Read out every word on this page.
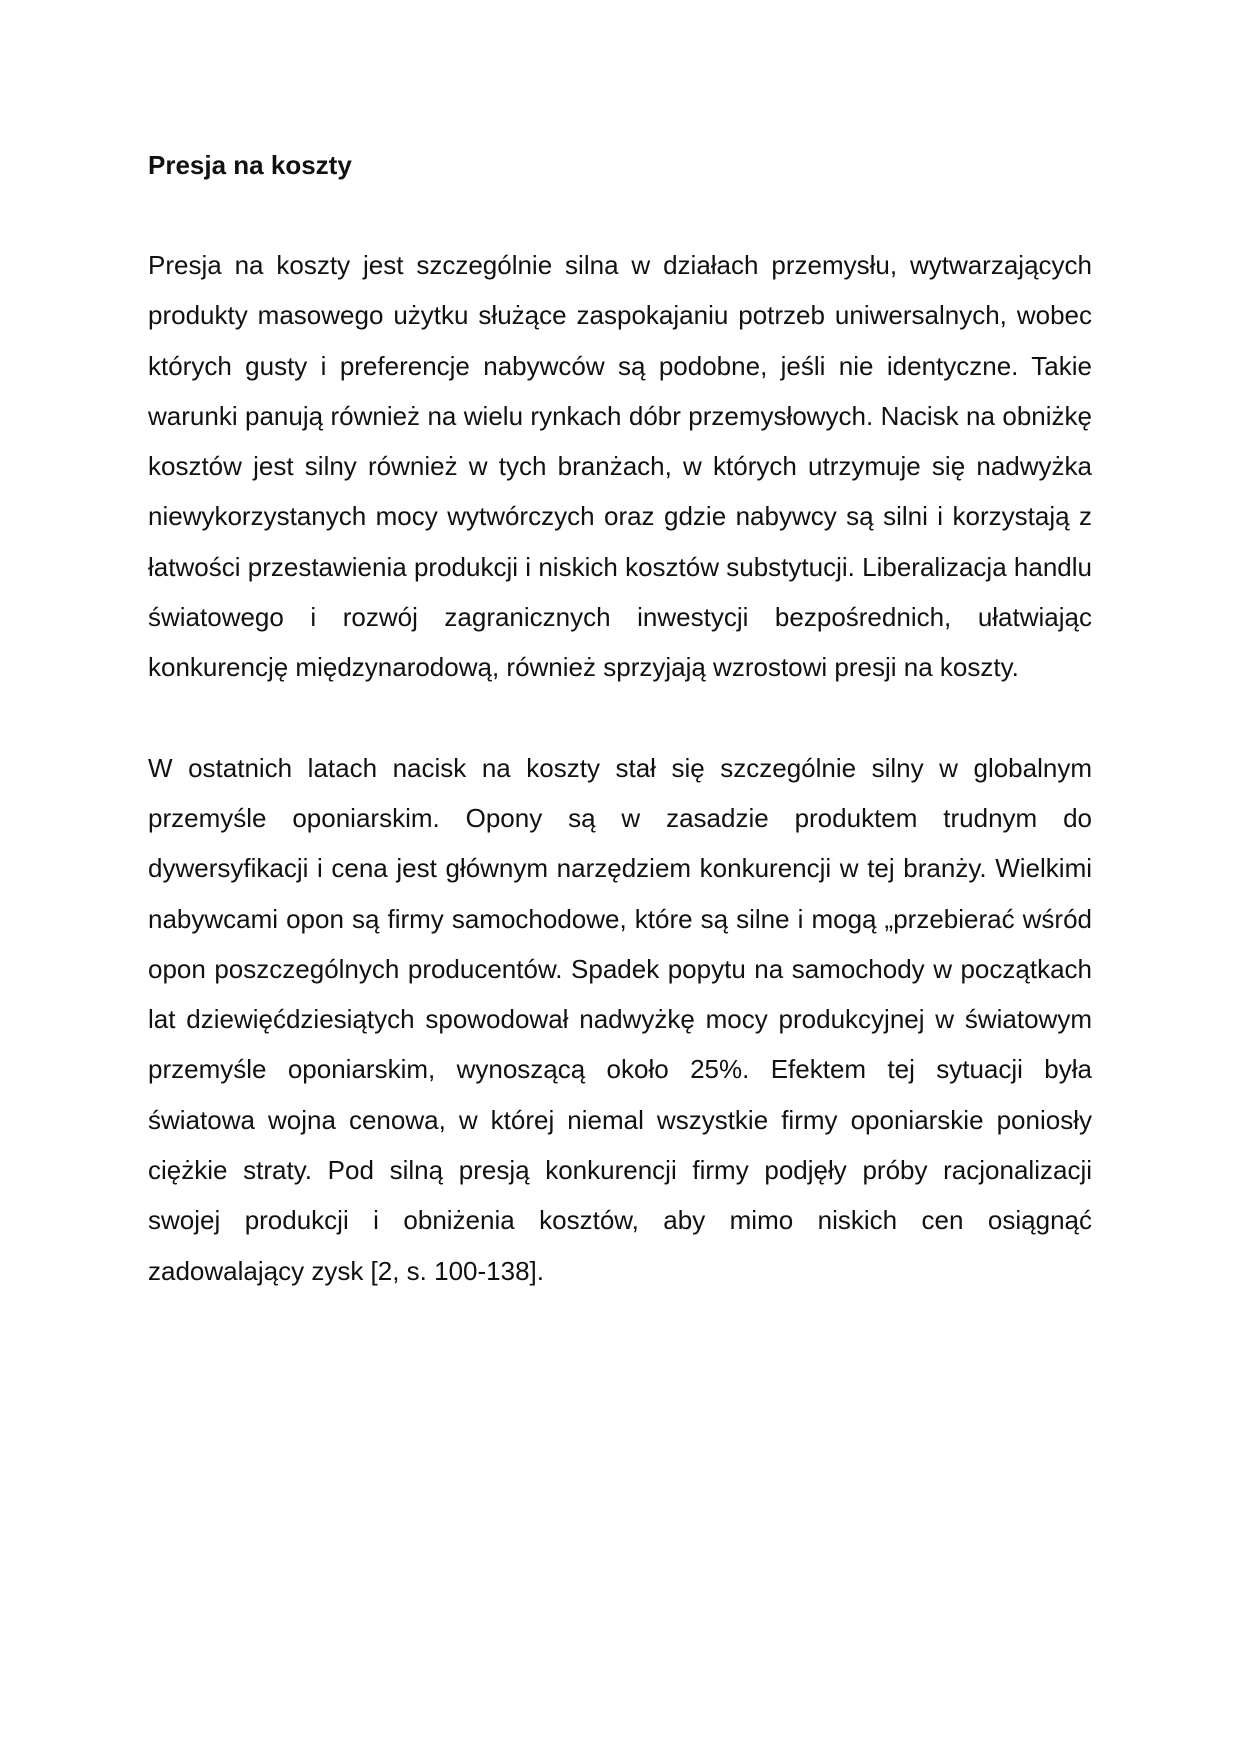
Presja na koszty

Presja na koszty jest szczególnie silna w działach przemysłu, wytwarzających produkty masowego użytku służące zaspokajaniu potrzeb uniwersalnych, wobec których gusty i preferencje nabywców są podobne, jeśli nie identyczne. Takie warunki panują również na wielu rynkach dóbr przemysłowych. Nacisk na obniżkę kosztów jest silny również w tych branżach, w których utrzymuje się nadwyżka niewykorzystanych mocy wytwórczych oraz gdzie nabywcy są silni i korzystają z łatwości przestawienia produkcji i niskich kosztów substytucji. Liberalizacja handlu światowego i rozwój zagranicznych inwestycji bezpośrednich, ułatwiając konkurencję międzynarodową, również sprzyjają wzrostowi presji na koszty.

W ostatnich latach nacisk na koszty stał się szczególnie silny w globalnym przemyśle oponiarskim. Opony są w zasadzie produktem trudnym do dywersyfikacji i cena jest głównym narzędziem konkurencji w tej branży. Wielkimi nabywcami opon są firmy samochodowe, które są silne i mogą „przebierać wśród opon poszczególnych producentów. Spadek popytu na samochody w początkach lat dziewięćdziesiątych spowodował nadwyżkę mocy produkcyjnej w światowym przemyśle oponiarskim, wynoszącą około 25%. Efektem tej sytuacji była światowa wojna cenowa, w której niemal wszystkie firmy oponiarskie poniosły ciężkie straty. Pod silną presją konkurencji firmy podjęły próby racjonalizacji swojej produkcji i obniżenia kosztów, aby mimo niskich cen osiągnąć zadowalający zysk [2, s. 100-138].
